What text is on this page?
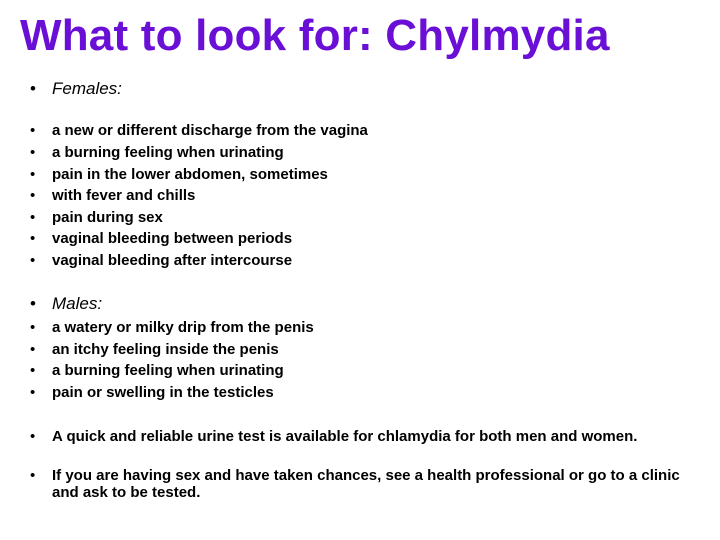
What to look for: Chylmydia
• Females:
• a new or different discharge from the vagina
• a burning feeling when urinating
• pain in the lower abdomen, sometimes
• with fever and chills
• pain during sex
• vaginal bleeding between periods
• vaginal bleeding after intercourse
• Males:
• a watery or milky drip from the penis
• an itchy feeling inside the penis
• a burning feeling when urinating
• pain or swelling in the testicles
• A quick and reliable urine test is available for chlamydia for both men and women.
• If you are having sex and have taken chances, see a health professional or go to a clinic and ask to be tested.
